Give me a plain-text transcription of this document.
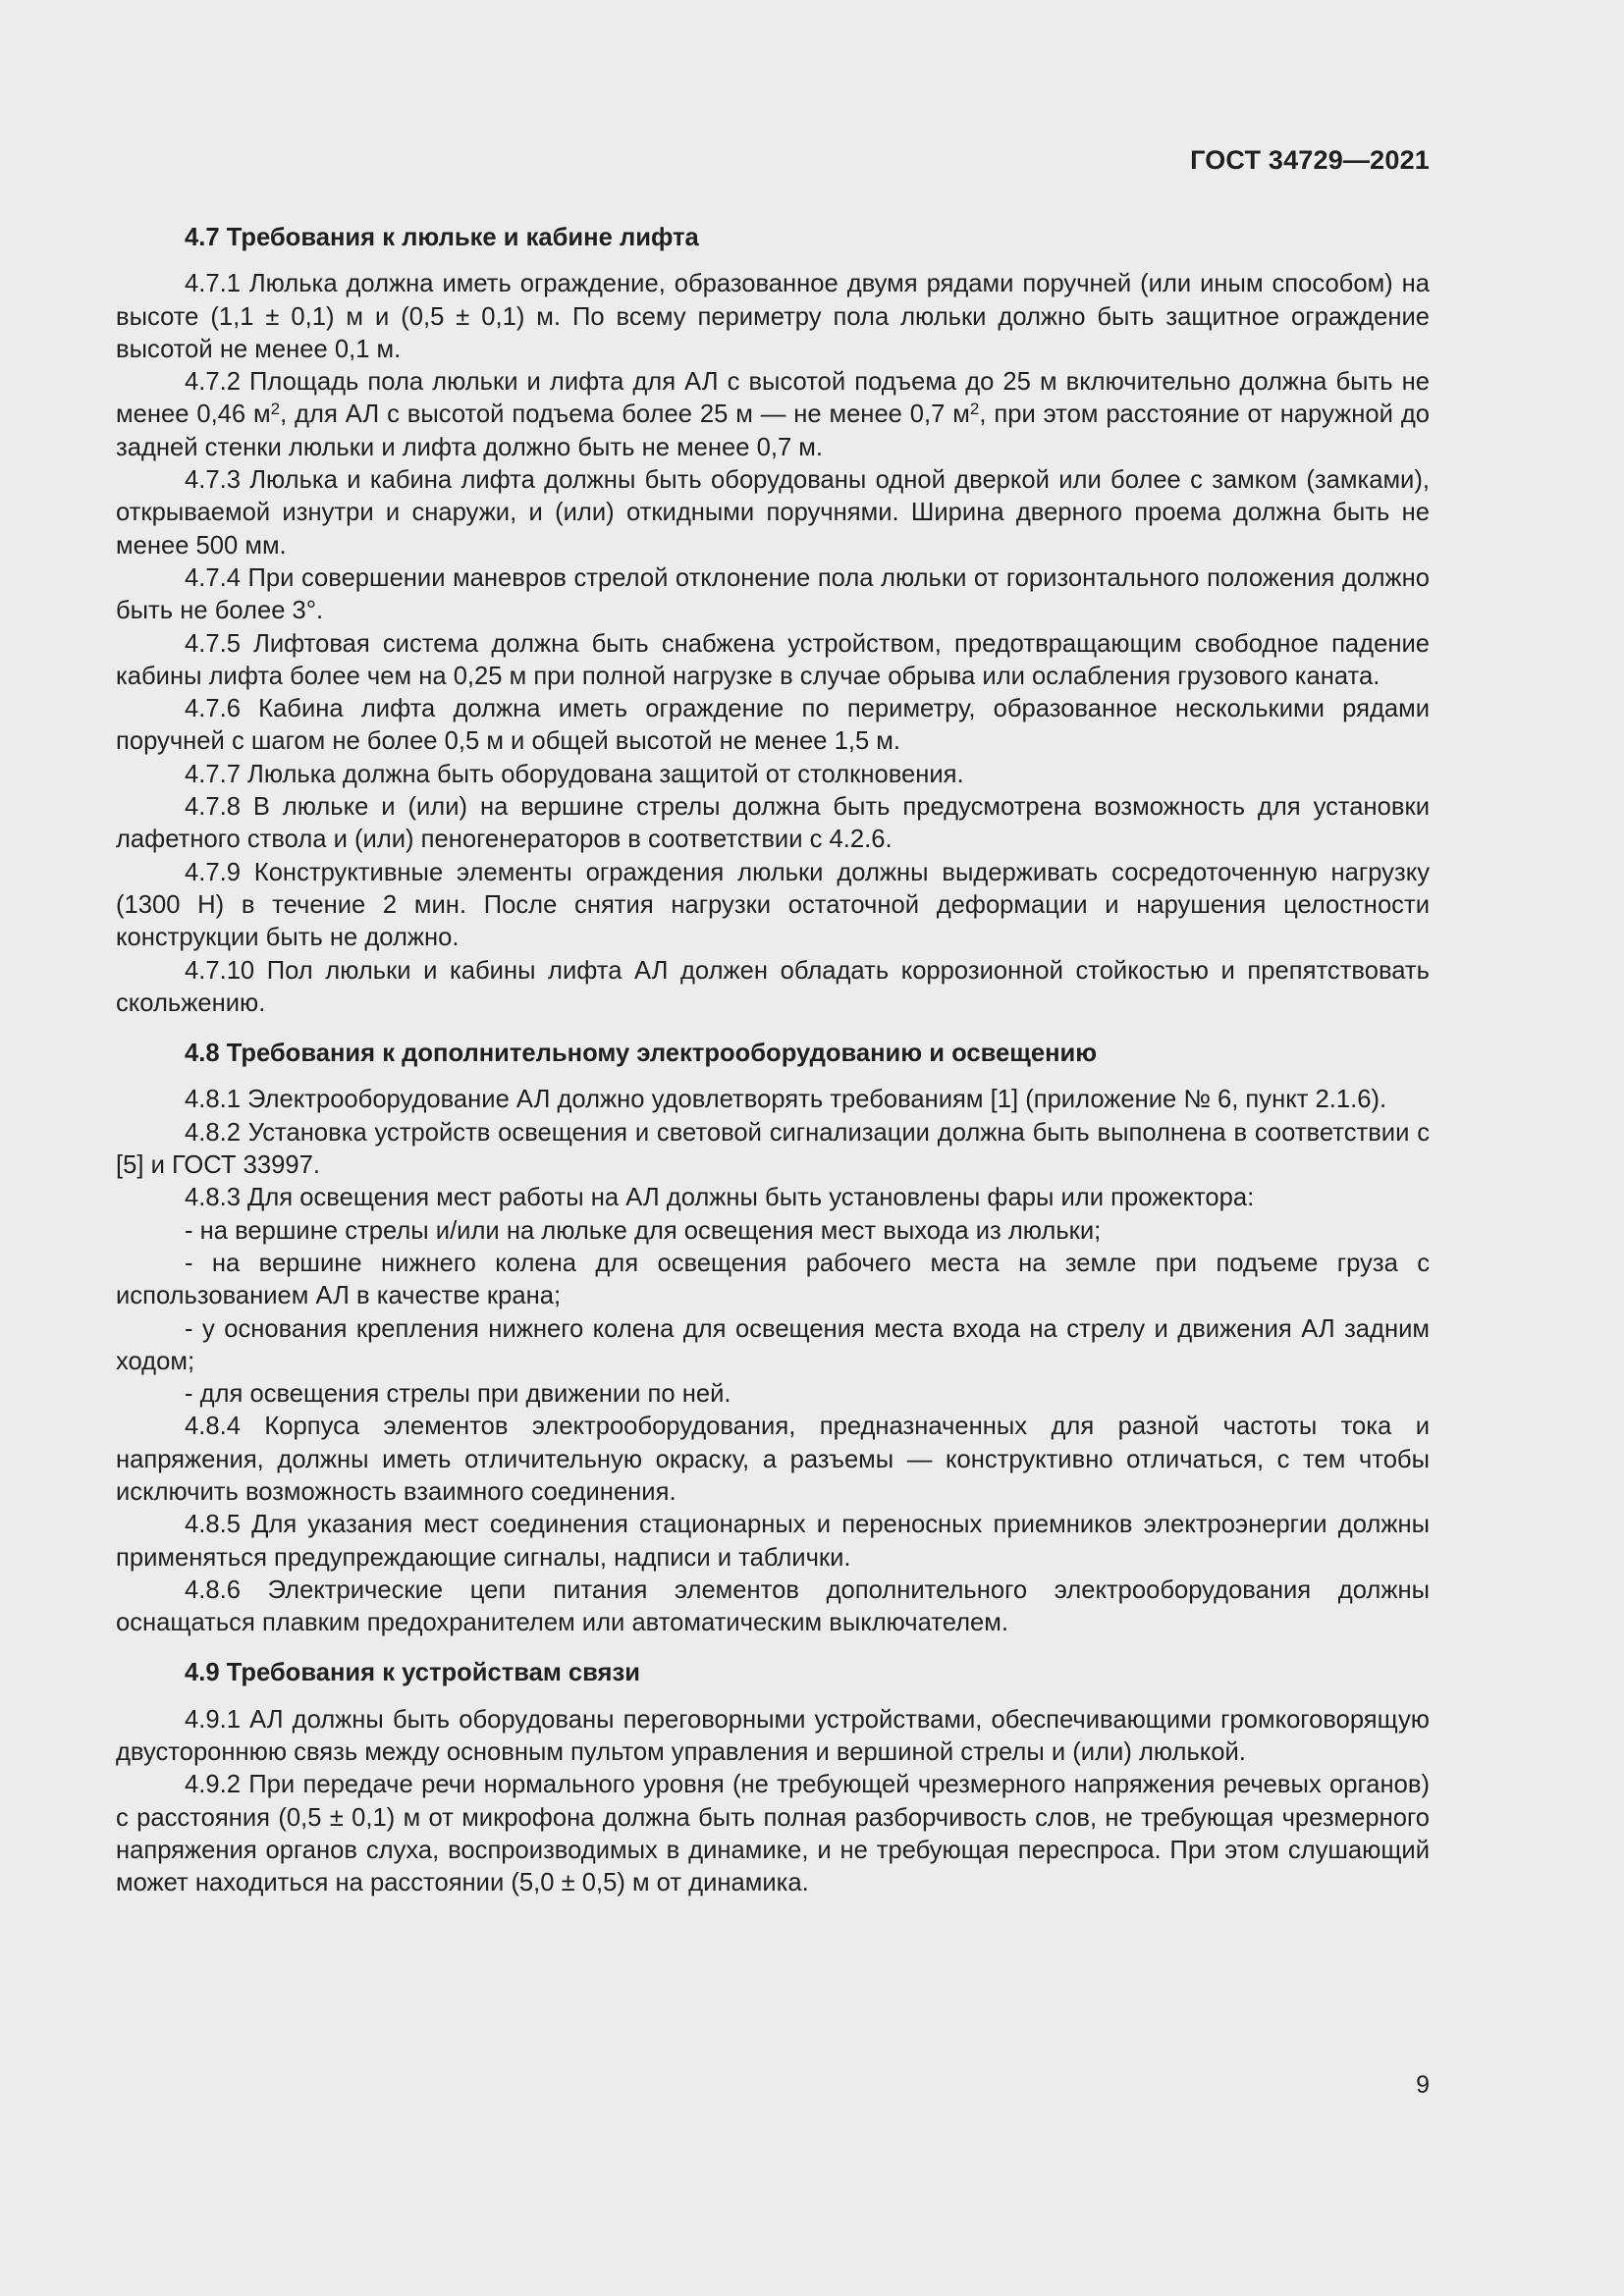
ГОСТ 34729—2021

4.7 Требования к люльке и кабине лифта

4.7.1 Люлька должна иметь ограждение, образованное двумя рядами поручней (или иным способом) на высоте (1,1 ± 0,1) м и (0,5 ± 0,1) м. По всему периметру пола люльки должно быть защитное ограждение высотой не менее 0,1 м.

4.7.2 Площадь пола люльки и лифта для АЛ с высотой подъема до 25 м включительно должна быть не менее 0,46 $м^2$, для АЛ с высотой подъема более 25 м — не менее 0,7 $м^2$, при этом расстояние от наружной до задней стенки люльки и лифта должно быть не менее 0,7 м.

4.7.3 Люлька и кабина лифта должны быть оборудованы одной дверкой или более с замком (замками), открываемой изнутри и снаружи, и (или) откидными поручнями. Ширина дверного проема должна быть не менее 500 мм.

4.7.4 При совершении маневров стрелой отклонение пола люльки от горизонтального положения должно быть не более 3°.

4.7.5 Лифтовая система должна быть снабжена устройством, предотвращающим свободное падение кабины лифта более чем на 0,25 м при полной нагрузке в случае обрыва или ослабления грузового каната.

4.7.6 Кабина лифта должна иметь ограждение по периметру, образованное несколькими рядами поручней с шагом не более 0,5 м и общей высотой не менее 1,5 м.

4.7.7 Люлька должна быть оборудована защитой от столкновения.

4.7.8 В люльке и (или) на вершине стрелы должна быть предусмотрена возможность для установки лафетного ствола и (или) пеногенераторов в соответствии с 4.2.6.

4.7.9 Конструктивные элементы ограждения люльки должны выдерживать сосредоточенную нагрузку (1300 Н) в течение 2 мин. После снятия нагрузки остаточной деформации и нарушения целостности конструкции быть не должно.

4.7.10 Пол люльки и кабины лифта АЛ должен обладать коррозионной стойкостью и препятствовать скольжению.

4.8 Требования к дополнительному электрооборудованию и освещению

4.8.1 Электрооборудование АЛ должно удовлетворять требованиям [1] (приложение № 6, пункт 2.1.6).

4.8.2 Установка устройств освещения и световой сигнализации должна быть выполнена в соответствии с [5] и ГОСТ 33997.

4.8.3 Для освещения мест работы на АЛ должны быть установлены фары или прожектора:

- на вершине стрелы и/или на люльке для освещения мест выхода из люльки;

- на вершине нижнего колена для освещения рабочего места на земле при подъеме груза с использованием АЛ в качестве крана;

- у основания крепления нижнего колена для освещения места входа на стрелу и движения АЛ задним ходом;

- для освещения стрелы при движении по ней.

4.8.4 Корпуса элементов электрооборудования, предназначенных для разной частоты тока и напряжения, должны иметь отличительную окраску, а разъемы — конструктивно отличаться, с тем чтобы исключить возможность взаимного соединения.

4.8.5 Для указания мест соединения стационарных и переносных приемников электроэнергии должны применяться предупреждающие сигналы, надписи и таблички.

4.8.6 Электрические цепи питания элементов дополнительного электрооборудования должны оснащаться плавким предохранителем или автоматическим выключателем.

4.9 Требования к устройствам связи

4.9.1 АЛ должны быть оборудованы переговорными устройствами, обеспечивающими громкоговорящую двустороннюю связь между основным пультом управления и вершиной стрелы и (или) люлькой.

4.9.2 При передаче речи нормального уровня (не требующей чрезмерного напряжения речевых органов) с расстояния (0,5 ± 0,1) м от микрофона должна быть полная разборчивость слов, не требующая чрезмерного напряжения органов слуха, воспроизводимых в динамике, и не требующая переспроса. При этом слушающий может находиться на расстоянии (5,0 ± 0,5) м от динамика.

9
